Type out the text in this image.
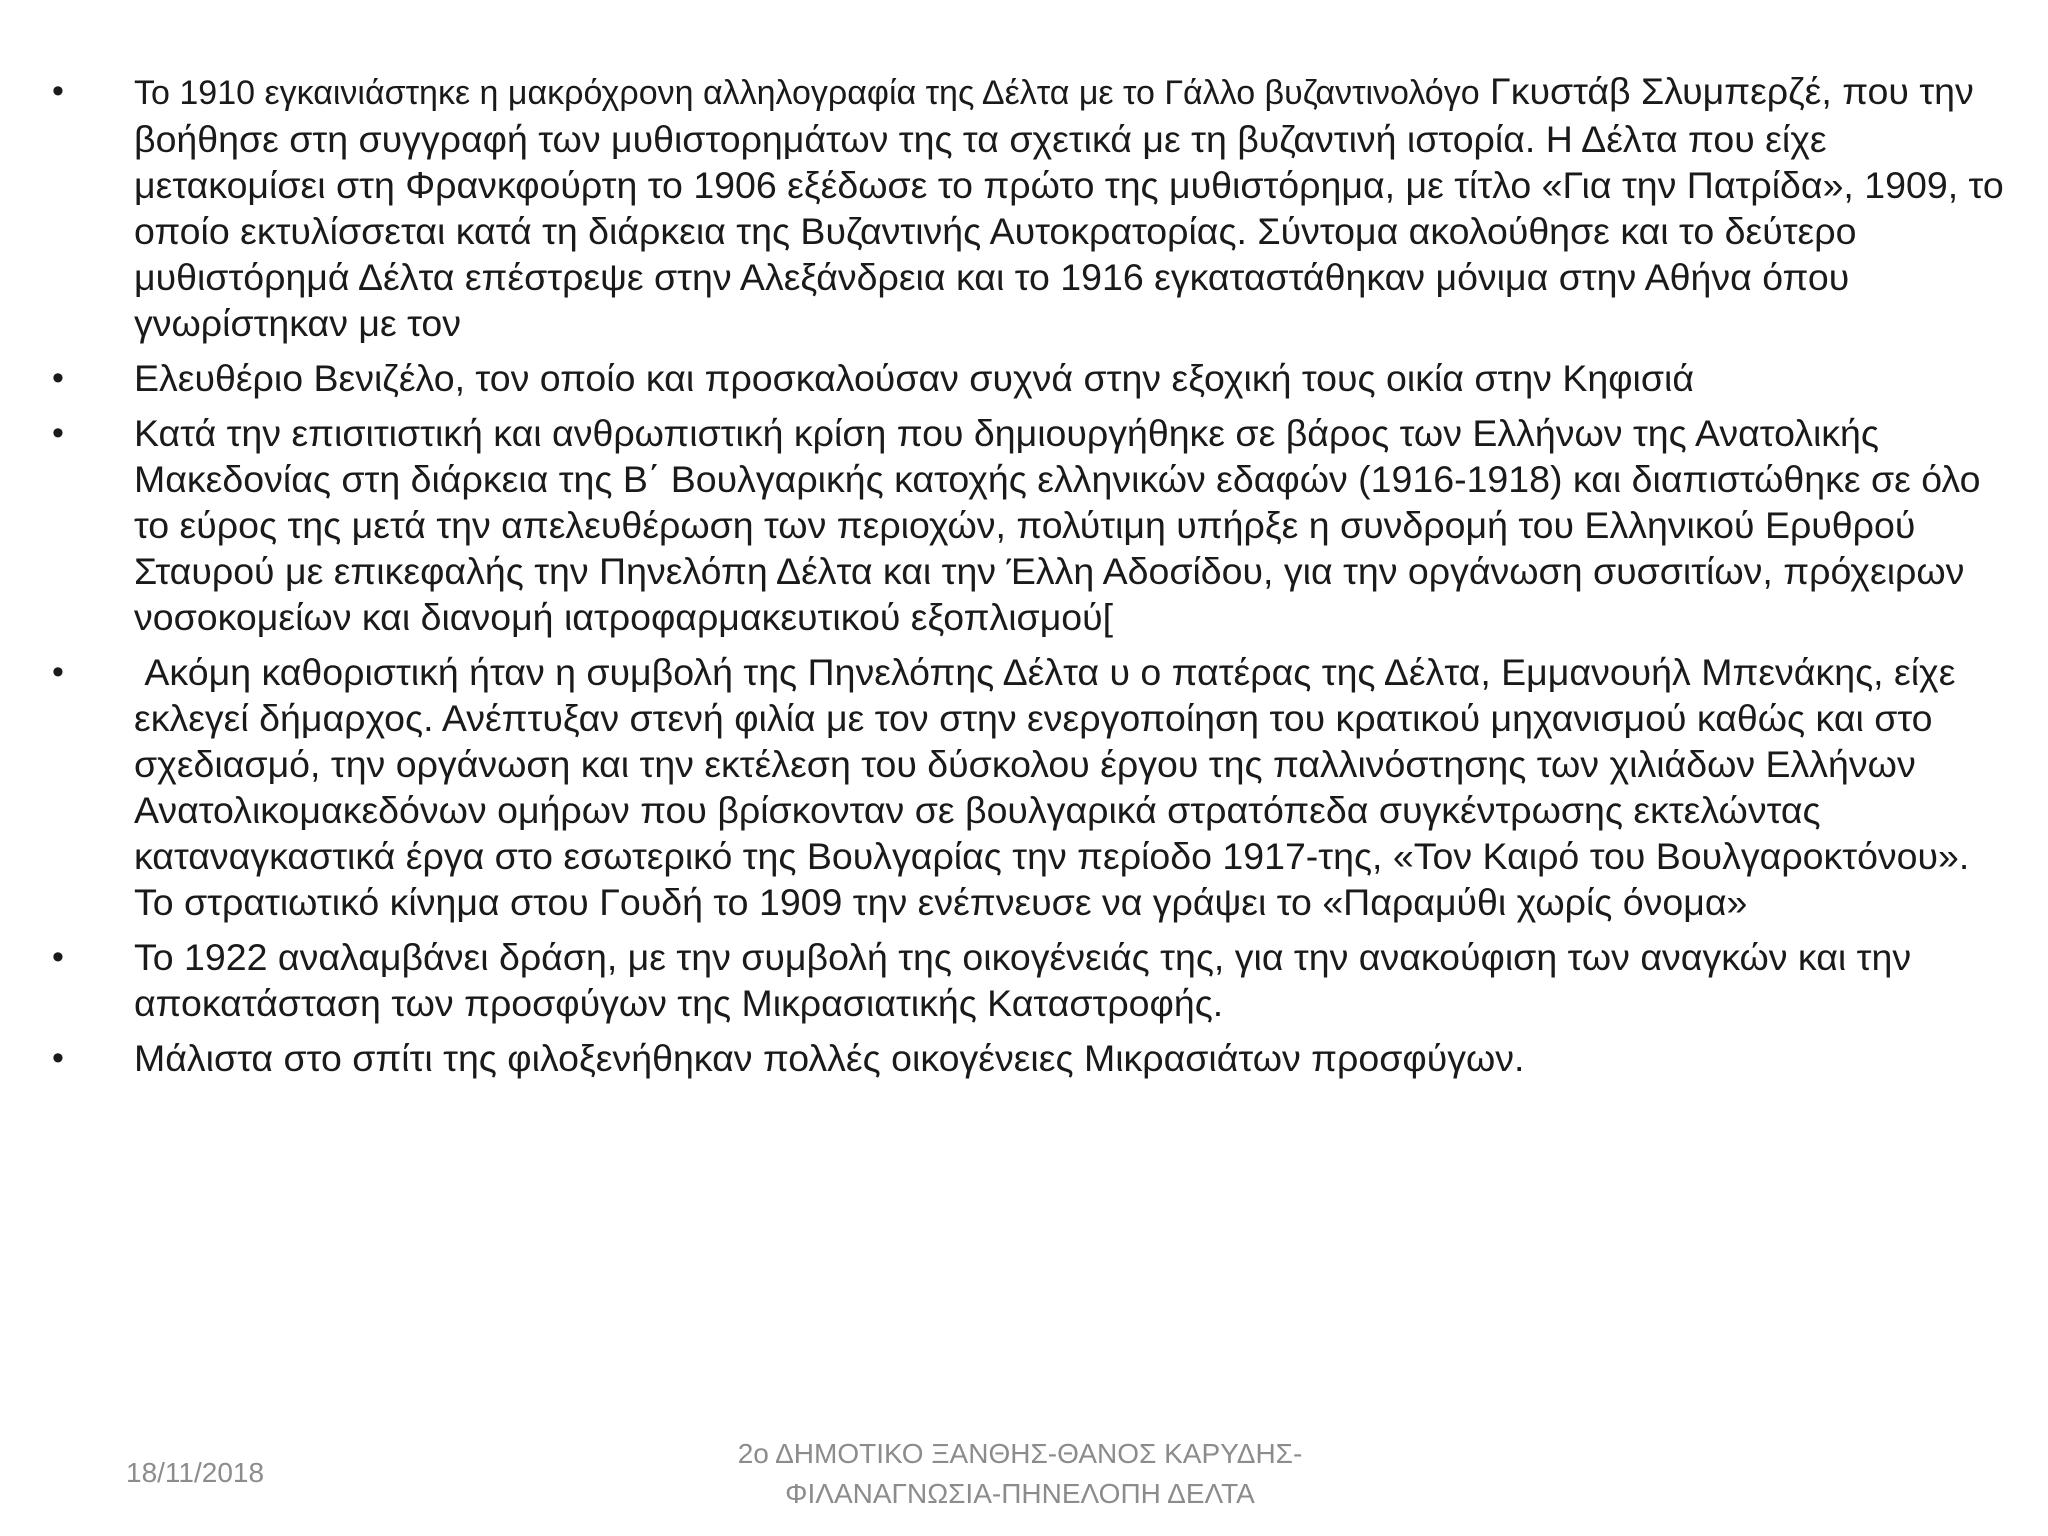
•	Το 1910 εγκαινιάστηκε η μακρόχρονη αλληλογραφία της Δέλτα με το Γάλλο βυζαντινολόγο Γκυστάβ Σλυμπερζέ, που την βοήθησε στη συγγραφή των μυθιστορημάτων της τα σχετικά με τη βυζαντινή ιστορία. Η Δέλτα που είχε μετακομίσει στη Φρανκφούρτη το 1906 εξέδωσε το πρώτο της μυθιστόρημα, με τίτλο «Για την Πατρίδα», 1909, το οποίο εκτυλίσσεται κατά τη διάρκεια της Βυζαντινής Αυτοκρατορίας. Σύντομα ακολούθησε και το δεύτερο μυθιστόρημά Δέλτα επέστρεψε στην Αλεξάνδρεια και το 1916 εγκαταστάθηκαν μόνιμα στην Αθήνα όπου γνωρίστηκαν με τον
•	Ελευθέριο Βενιζέλο, τον οποίο και προσκαλούσαν συχνά στην εξοχική τους οικία στην Κηφισιά
•	Κατά την επισιτιστική και ανθρωπιστική κρίση που δημιουργήθηκε σε βάρος των Ελλήνων της Ανατολικής Μακεδονίας στη διάρκεια της Β΄ Βουλγαρικής κατοχής ελληνικών εδαφών (1916-1918) και διαπιστώθηκε σε όλο το εύρος της μετά την απελευθέρωση των περιοχών, πολύτιμη υπήρξε η συνδρομή του Ελληνικού Ερυθρού Σταυρού με επικεφαλής την Πηνελόπη Δέλτα και την Έλλη Αδοσίδου, για την οργάνωση συσσιτίων, πρόχειρων νοσοκομείων και διανομή ιατροφαρμακευτικού εξοπλισμού[
•	Ακόμη καθοριστική ήταν η συμβολή της Πηνελόπης Δέλτα υ ο πατέρας της Δέλτα, Εμμανουήλ Μπενάκης, είχε εκλεγεί δήμαρχος. Ανέπτυξαν στενή φιλία με τον στην ενεργοποίηση του κρατικού μηχανισμού καθώς και στο σχεδιασμό, την οργάνωση και την εκτέλεση του δύσκολου έργου της παλλινόστησης των χιλιάδων Ελλήνων Ανατολικομακεδόνων ομήρων που βρίσκονταν σε βουλγαρικά στρατόπεδα συγκέντρωσης εκτελώντας καταναγκαστικά έργα στο εσωτερικό της Βουλγαρίας την περίοδο 1917-της, «Τον Καιρό του Βουλγαροκτόνου». Το στρατιωτικό κίνημα στου Γουδή το 1909 την ενέπνευσε να γράψει το «Παραμύθι χωρίς όνομα»
•	Το 1922 αναλαμβάνει δράση, με την συμβολή της οικογένειάς της, για την ανακούφιση των αναγκών και την αποκατάσταση των προσφύγων της Μικρασιατικής Καταστροφής.
•	Μάλιστα στο σπίτι της φιλοξενήθηκαν πολλές οικογένειες Μικρασιάτων προσφύγων.
18/11/2018
2ο ΔΗΜΟΤΙΚΟ ΞΑΝΘΗΣ-ΘΑΝΟΣ ΚΑΡΥΔΗΣ-
ΦΙΛΑΝΑΓΝΩΣΙΑ-ΠΗΝΕΛΟΠΗ ΔΕΛΤΑ
